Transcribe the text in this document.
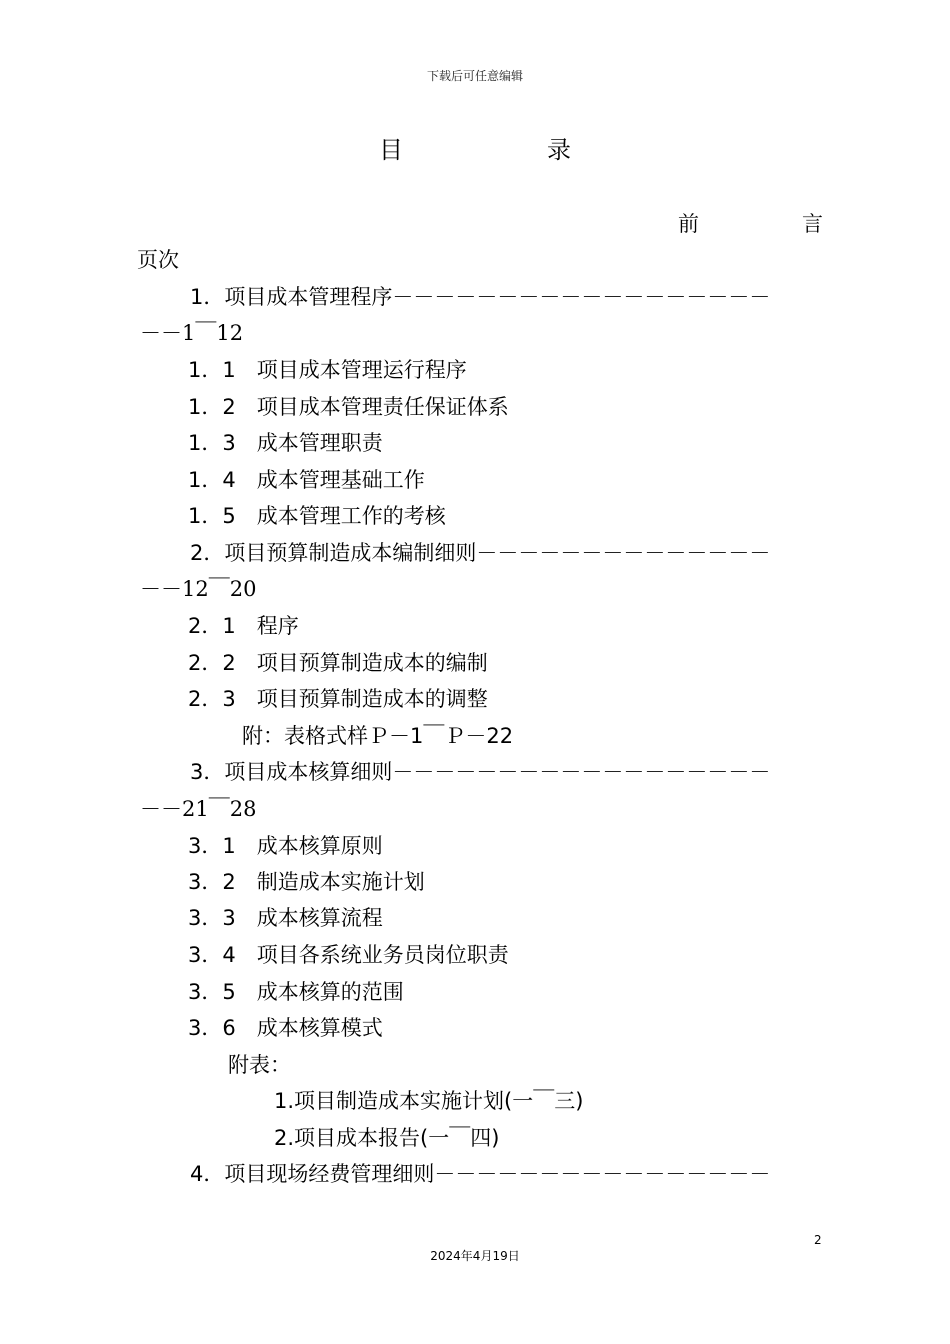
下载后可任意编辑
目　录
前	言
页次
1．项目成本管理程序－－－－－－－－－－－－－－－－－－
－－1￣12
1．1　项目成本管理运行程序
1．2　项目成本管理责任保证体系
1．3　成本管理职责
1．4　成本管理基础工作
1．5　成本管理工作的考核
2．项目预算制造成本编制细则－－－－－－－－－－－－－－
－－12￣20
2．1　程序
2．2　项目预算制造成本的编制
2．3　项目预算制造成本的调整
附：表格式样Ｐ－1￣Ｐ－22
3．项目成本核算细则－－－－－－－－－－－－－－－－－－
－－21￣28
3．1　成本核算原则
3．2　制造成本实施计划
3．3　成本核算流程
3．4　项目各系统业务员岗位职责
3．5　成本核算的范围
3．6　成本核算模式
附表：
1.项目制造成本实施计划(一￣三)
2.项目成本报告(一￣四)
4．项目现场经费管理细则－－－－－－－－－－－－－－－－
2
2024年4月19日
